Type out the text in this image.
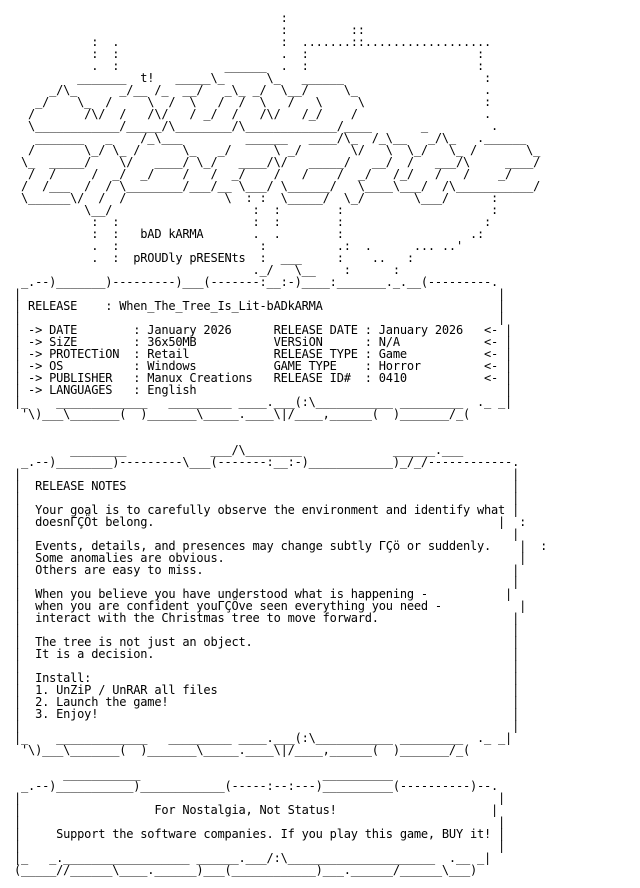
:
:         ::
:  .                       :  .......::..................
:  :                       .  :                        :
.  :               ______  .  :                        :
_______  t!   _____\_      \_   ______                    :
_/\_      _/__ /_  __/   _\_ _/  \__/     \_                  .
_/    \_  /     \  /  \   /  /  \   /   \     \                 :
/       /\/  /   /\/   / _/  /   /\/   /_/    /                  .
\____________/_____/\________/\_____________/____       _         .
_______   _    /_\___         ______   ____/\_  /_\__   _/\_   .______
/       \_/ \_ /      \_   _/      \ _/       \/   \  \_/   \_ /       \_
\_  _____/    \/   ____/ \_/   ____/\/   _____/   __/  /   ___/\     ____/
/  /     /  _/  _/    /   /  _/    /   /    /  _/   /_/   /   /    _/
/  /___  /  / \________/___/__ \___/ \______/   \____\___/  /\___________/
\______\/  /  /              \  : :  \_____/  \_/       \___/      :
\__/                    :  :        :                     :
:  :                   :  :        :                    :
:  :   bAD kARMA       .  .        :                  .:
.  :                    :          .:  .      ... ..'
.  :  pROUDly pRESENts  :  ___     :    ..   :
._/   \__    :      :
_.--)_______)---------)___(-------:__:-)____:_______._.__(---------.
|                                                                    |
| RELEASE    : When_The_Tree_Is_Lit-bADkARMA                         |
|                                                                    |
| -> DATE        : January 2026      RELEASE DATE : January 2026   <- |
| -> SiZE        : 36x50MB           VERSiON      : N/A            <- |
| -> PROTECTiON  : Retail            RELEASE TYPE : Game           <- |
| -> OS          : Windows           GAME TYPE    : Horror         <- |
| -> PUBLISHER   : Manux Creations   RELEASE ID#  : 0410           <- |
| -> LANGUAGES   : English                                            |
|_    _____________   _________ ____.___(:\___________ _________  ._ _|
'\)___\_______(  )_______\_____.____\|/____,______(  )_______/_(

________            ___/\________             ______.___
_.--)________)---------\___(-------:__:-)____________)_/_/------------.
|                                                                      |
|  RELEASE NOTES                                                       |
|                                                                      |
|  Your goal is to carefully observe the environment and identify what |
|  doesnΓÇÖt belong.                                                 |  :
|                                                                      |
|  Events, details, and presences may change subtly ΓÇö or suddenly.    |  :
|  Some anomalies are obvious.                                          |
|  Others are easy to miss.                                            |
|                                                                      |
|  When you believe you have understood what is happening -           |
|  when you are confident youΓÇÖve seen everything you need -           |
|  interact with the Christmas tree to move forward.                   |
|                                                                      |
|  The tree is not just an object.                                     |
|  It is a decision.                                                   |
|                                                                      |
|  Install:                                                            |
|  1. UnZiP / UnRAR all files                                          |
|  2. Launch the game!                                                 |
|  3. Enjoy!                                                           |
|                                                                      |
|_    _____________   _________ ____.___(:\___________ _________  ._ _|
'\)___\_______(  )_______\_____.____\|/____,______(  )_______/_(

___________                          __________
_.--)___________)____________(-----:--:---)__________(----------)--.
|                                                                    |
|                   For Nostalgia, Not Status!                      |
|                                                                    |
|     Support the software companies. If you play this game, BUY it! |
|                                                                    |
|_   _.__________________ ______.___/:\_____________________  .__ _|
(_____//______\____.______)___(____________)___.______/______\___)
